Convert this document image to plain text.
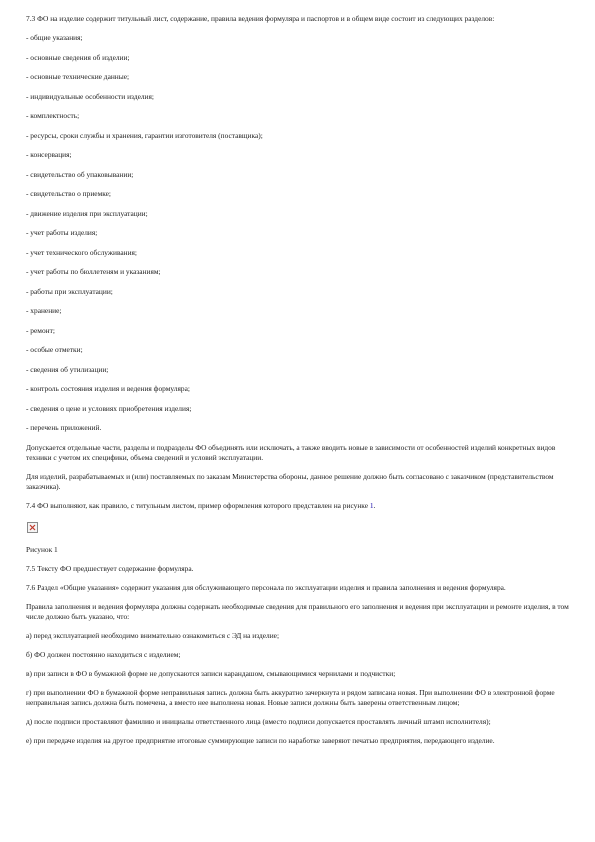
7.3 ФО на изделие содержит титульный лист, содержание, правила ведения формуляра и паспортов и в общем виде состоит из следующих разделов:

- общие указания;

- основные сведения об изделии;

- основные технические данные;

- индивидуальные особенности изделия;

- комплектность;

- ресурсы, сроки службы и хранения, гарантии изготовителя (поставщика);

- консервация;

- свидетельство об упаковывании;

- свидетельство о приемке;

- движение изделия при эксплуатации;

- учет работы изделия;

- учет технического обслуживания;

- учет работы по бюллетеням и указаниям;

- работы при эксплуатации;

- хранение;

- ремонт;

- особые отметки;

- сведения об утилизации;

- контроль состояния изделия и ведения формуляра;

- сведения о цене и условиях приобретения изделия;

- перечень приложений.

Допускается отдельные части, разделы и подразделы ФО объединять или исключать, а также вводить новые в зависимости от особенностей изделий конкретных видов техники с учетом их специфики, объема сведений и условий эксплуатации.

Для изделий, разрабатываемых и (или) поставляемых по заказам Министерства обороны, данное решение должно быть согласовано с заказчиком (представительством заказчика).

7.4 ФО выполняют, как правило, с титульным листом, пример оформления которого представлен на рисунке 1.

Рисунок 1

7.5 Тексту ФО предшествует содержание формуляра.

7.6 Раздел «Общие указания» содержит указания для обслуживающего персонала по эксплуатации изделия и правила заполнения и ведения формуляра.

Правила заполнения и ведения формуляра должны содержать необходимые сведения для правильного его заполнения и ведения при эксплуатации и ремонте изделия, в том числе должно быть указано, что:

а) перед эксплуатацией необходимо внимательно ознакомиться с ЭД на изделие;

б) ФО должен постоянно находиться с изделием;

в) при записи в ФО в бумажной форме не допускаются записи карандашом, смывающимися чернилами и подчистки;

г) при выполнении ФО в бумажной форме неправильная запись должна быть аккуратно зачеркнута и рядом записана новая. При выполнении ФО в электронной форме неправильная запись должна быть помечена, а вместо нее выполнена новая. Новые записи должны быть заверены ответственным лицом;

д) после подписи проставляют фамилию и инициалы ответственного лица (вместо подписи допускается проставлять личный штамп исполнителя);

е) при передаче изделия на другое предприятие итоговые суммирующие записи по наработке заверяют печатью предприятия, передающего изделие.
